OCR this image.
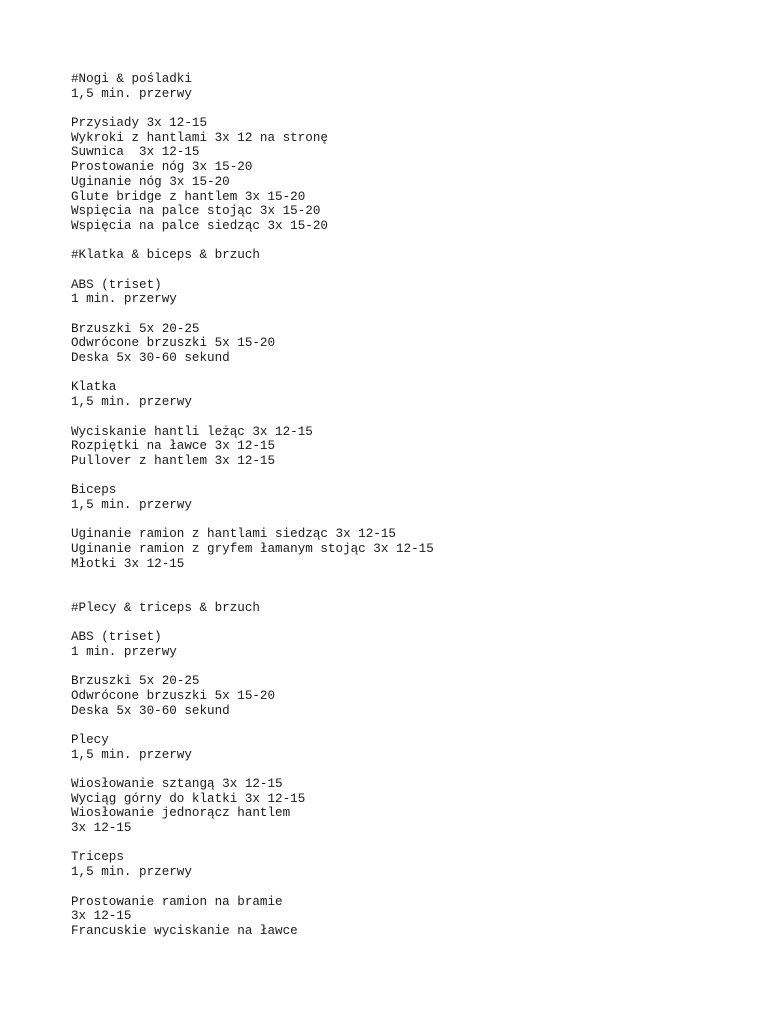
#Nogi & pośladki
1,5 min. przerwy
Przysiady 3x 12-15
Wykroki z hantlami 3x 12 na stronę
Suwnica  3x 12-15
Prostowanie nóg 3x 15-20
Uginanie nóg 3x 15-20
Glute bridge z hantlem 3x 15-20
Wspięcia na palce stojąc 3x 15-20
Wspięcia na palce siedząc 3x 15-20
#Klatka & biceps & brzuch
ABS (triset)
1 min. przerwy
Brzuszki 5x 20-25
Odwrócone brzuszki 5x 15-20
Deska 5x 30-60 sekund
Klatka
1,5 min. przerwy
Wyciskanie hantli leżąc 3x 12-15
Rozpiętki na ławce 3x 12-15
Pullover z hantlem 3x 12-15
Biceps
1,5 min. przerwy
Uginanie ramion z hantlami siedząc 3x 12-15
Uginanie ramion z gryfem łamanym stojąc 3x 12-15
Młotki 3x 12-15
#Plecy & triceps & brzuch
ABS (triset)
1 min. przerwy
Brzuszki 5x 20-25
Odwrócone brzuszki 5x 15-20
Deska 5x 30-60 sekund
Plecy
1,5 min. przerwy
Wiosłowanie sztangą 3x 12-15
Wyciąg górny do klatki 3x 12-15
Wiosłowanie jednorącz hantlem
3x 12-15
Triceps
1,5 min. przerwy
Prostowanie ramion na bramie
3x 12-15
Francuskie wyciskanie na ławce
